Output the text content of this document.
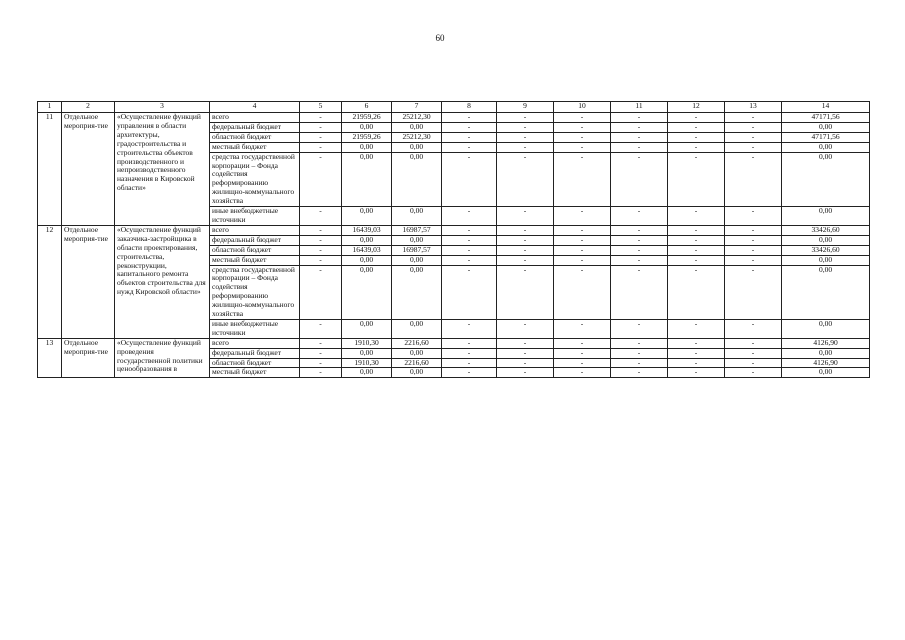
60
1	2	3	4	5	6	7	8	9	10	11	12	13	14
11	Отдельное мероприя-тие	«Осуществление функций управления в области архитектуры, градостроительства и строительства объектов производственного и непроизводственного назначения в Кировской области»	всего	-	21959,26	25212,30	-	-	-	-	-	-	47171,56
			федеральный бюджет	-	0,00	0,00	-	-	-	-	-	-	0,00
			областной бюджет	-	21959,26	25212,30	-	-	-	-	-	-	47171,56
			местный бюджет	-	0,00	0,00	-	-	-	-	-	-	0,00
			средства государственной корпорации – Фонда содействия реформированию жилищно-коммунального хозяйства	-	0,00	0,00	-	-	-	-	-	-	0,00
			иные внебюджетные источники	-	0,00	0,00	-	-	-	-	-	-	0,00
12	Отдельное мероприя-тие	«Осуществление функций заказчика-застройщика в области проектирования, строительства, реконструкции, капитального ремонта объектов строительства для нужд Кировской области»	всего	-	16439,03	16987,57	-	-	-	-	-	-	33426,60
			федеральный бюджет	-	0,00	0,00	-	-	-	-	-	-	0,00
			областной бюджет	-	16439,03	16987,57	-	-	-	-	-	-	33426,60
			местный бюджет	-	0,00	0,00	-	-	-	-	-	-	0,00
			средства государственной корпорации – Фонда содействия реформированию жилищно-коммунального хозяйства	-	0,00	0,00	-	-	-	-	-	-	0,00
			иные внебюджетные источники	-	0,00	0,00	-	-	-	-	-	-	0,00
13	Отдельное мероприя-тие	«Осуществление функций проведения государственной политики ценообразования в	всего	-	1910,30	2216,60	-	-	-	-	-	-	4126,90
			федеральный бюджет	-	0,00	0,00	-	-	-	-	-	-	0,00
			областной бюджет	-	1910,30	2216,60	-	-	-	-	-	-	4126,90
			местный бюджет	-	0,00	0,00	-	-	-	-	-	-	0,00
